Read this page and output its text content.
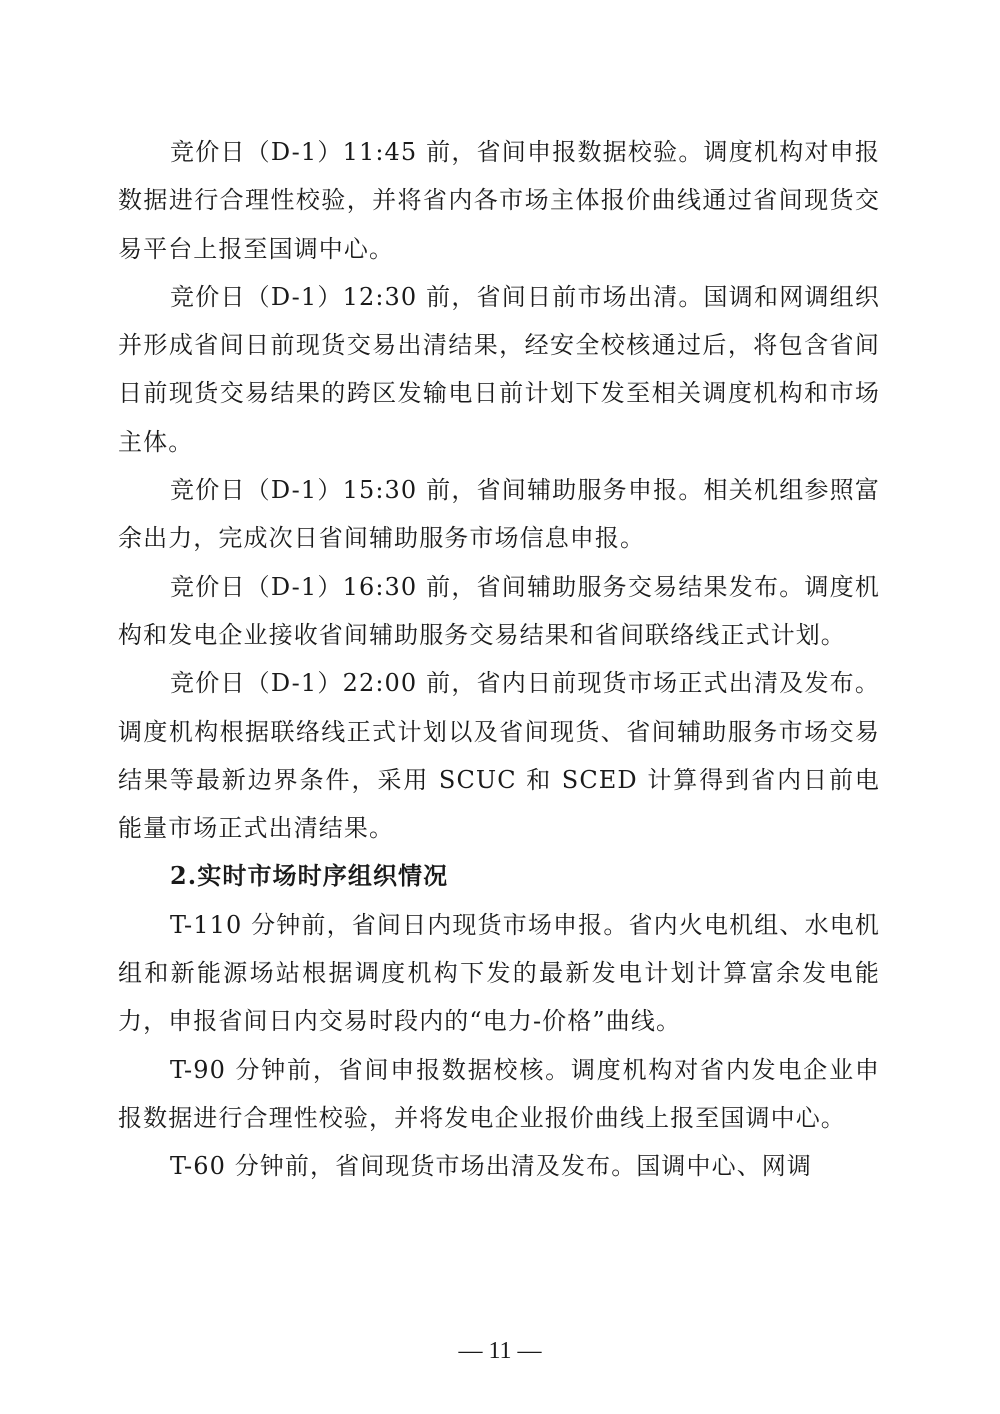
竞价日（D-1）11:45 前，省间申报数据校验。调度机构对申报数据进行合理性校验，并将省内各市场主体报价曲线通过省间现货交易平台上报至国调中心。

竞价日（D-1）12:30 前，省间日前市场出清。国调和网调组织并形成省间日前现货交易出清结果，经安全校核通过后，将包含省间日前现货交易结果的跨区发输电日前计划下发至相关调度机构和市场主体。

竞价日（D-1）15:30 前，省间辅助服务申报。相关机组参照富余出力，完成次日省间辅助服务市场信息申报。

竞价日（D-1）16:30 前，省间辅助服务交易结果发布。调度机构和发电企业接收省间辅助服务交易结果和省间联络线正式计划。

竞价日（D-1）22:00 前，省内日前现货市场正式出清及发布。调度机构根据联络线正式计划以及省间现货、省间辅助服务市场交易结果等最新边界条件，采用 SCUC 和 SCED 计算得到省内日前电能量市场正式出清结果。

2.实时市场时序组织情况

T-110 分钟前，省间日内现货市场申报。省内火电机组、水电机组和新能源场站根据调度机构下发的最新发电计划计算富余发电能力，申报省间日内交易时段内的“电力-价格”曲线。

T-90 分钟前，省间申报数据校核。调度机构对省内发电企业申报数据进行合理性校验，并将发电企业报价曲线上报至国调中心。

T-60 分钟前，省间现货市场出清及发布。国调中心、网调

— 11 —
